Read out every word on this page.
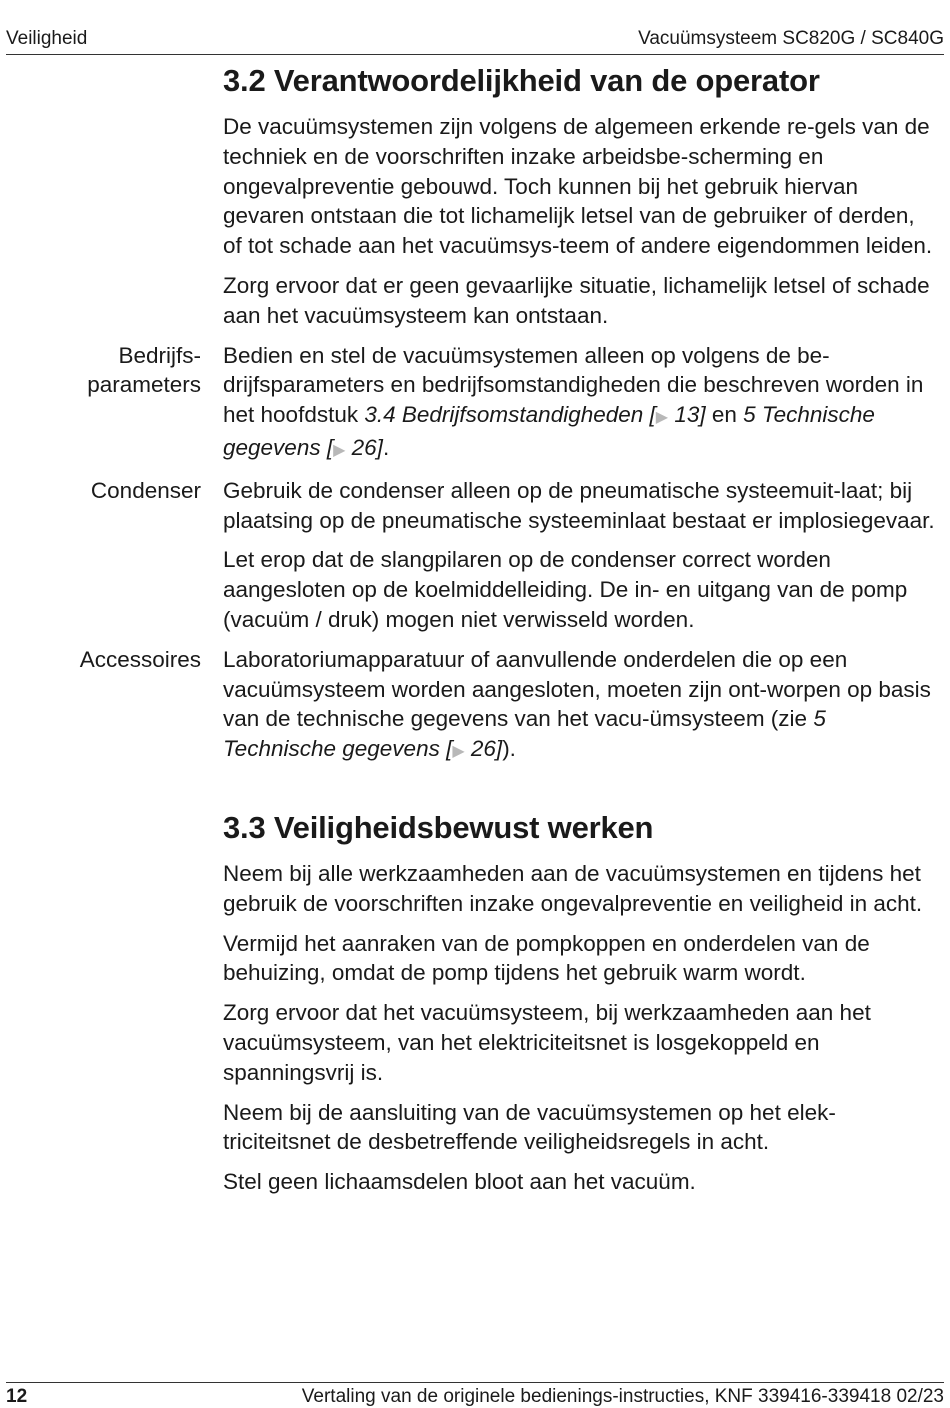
Veiligheid	Vacuümsysteem SC820G / SC840G
3.2 Verantwoordelijkheid van de operator

De vacuümsystemen zijn volgens de algemeen erkende re-gels van de techniek en de voorschriften inzake arbeidsbe-scherming en ongevalpreventie gebouwd. Toch kunnen bij het gebruik hiervan gevaren ontstaan die tot lichamelijk letsel van de gebruiker of derden, of tot schade aan het vacuümsys-teem of andere eigendommen leiden.

Zorg ervoor dat er geen gevaarlijke situatie, lichamelijk letsel of schade aan het vacuümsysteem kan ontstaan.

Bedrijfs-
parameters

Bedien en stel de vacuümsystemen alleen op volgens de be-drijfsparameters en bedrijfsomstandigheden die beschreven worden in het hoofdstuk 3.4 Bedrijfsomstandigheden [▶ 13] en 5 Technische gegevens [▶ 26].

Condenser Gebruik de condenser alleen op de pneumatische systeemuit-laat; bij plaatsing op de pneumatische systeeminlaat bestaat er implosiegevaar.

Let erop dat de slangpilaren op de condenser correct worden aangesloten op de koelmiddelleiding. De in- en uitgang van de pomp (vacuüm / druk) mogen niet verwisseld worden.

Accessoires Laboratoriumapparatuur of aanvullende onderdelen die op een vacuümsysteem worden aangesloten, moeten zijn ont-worpen op basis van de technische gegevens van het vacu-ümsysteem (zie 5 Technische gegevens [▶ 26]).

3.3 Veiligheidsbewust werken

Neem bij alle werkzaamheden aan de vacuümsystemen en tijdens het gebruik de voorschriften inzake ongevalpreventie en veiligheid in acht.

Vermijd het aanraken van de pompkoppen en onderdelen van de behuizing, omdat de pomp tijdens het gebruik warm wordt.

Zorg ervoor dat het vacuümsysteem, bij werkzaamheden aan het vacuümsysteem, van het elektriciteitsnet is losgekoppeld en spanningsvrij is.

Neem bij de aansluiting van de vacuümsystemen op het elek-triciteitsnet de desbetreffende veiligheidsregels in acht.

Stel geen lichaamsdelen bloot aan het vacuüm.

12	Vertaling van de originele bedienings-instructies, KNF 339416-339418 02/23
